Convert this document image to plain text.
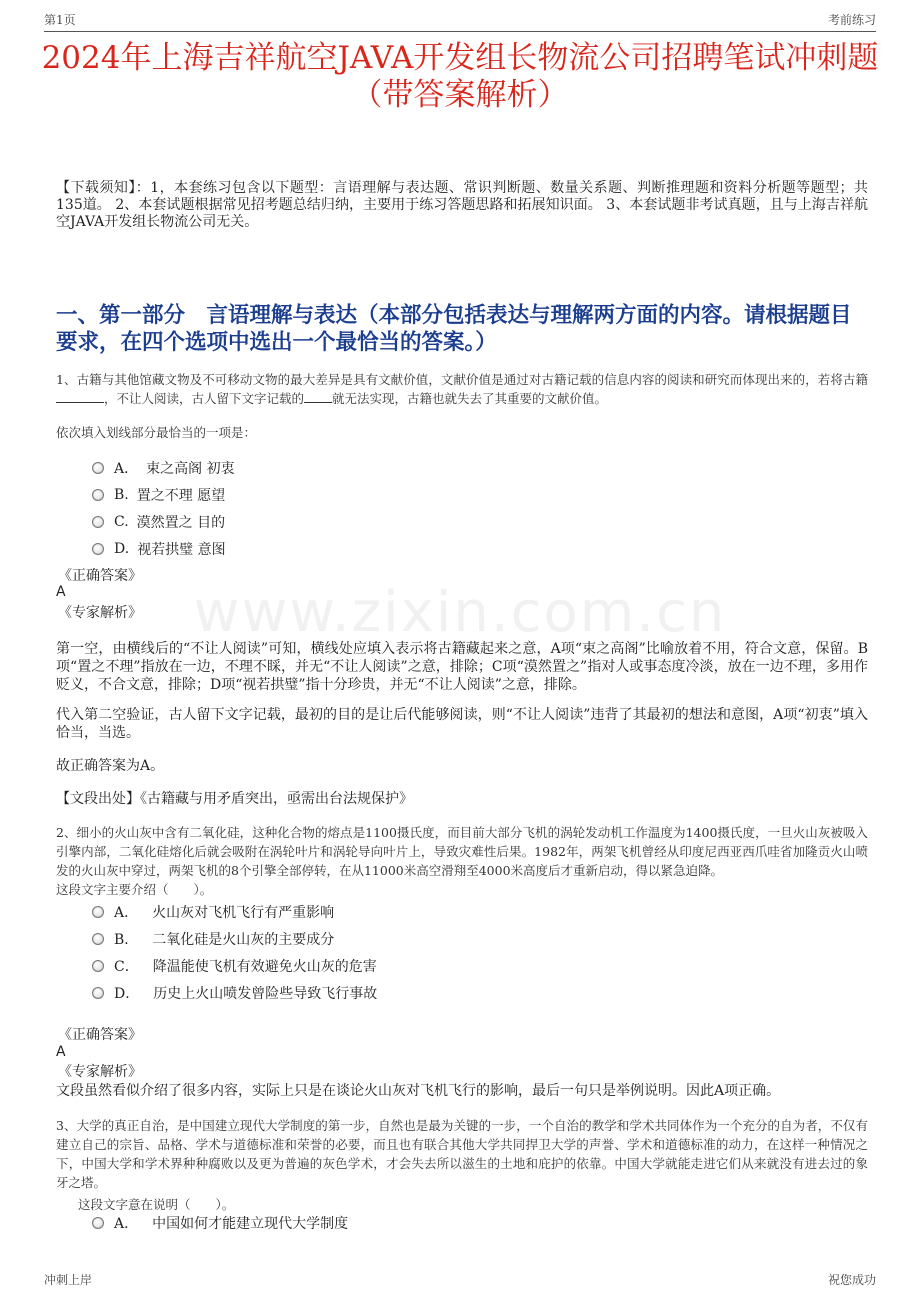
第1页	考前练习
www.zixin.com.cn
2024年上海吉祥航空JAVA开发组长物流公司招聘笔试冲刺题
（带答案解析）

【下载须知】：1，本套练习包含以下题型：言语理解与表达题、常识判断题、数量关系题、判断推理题和资料分析题等题型；共135道。 2、本套试题根据常见招考题总结归纳，主要用于练习答题思路和拓展知识面。 3、本套试题非考试真题，且与上海吉祥航空JAVA开发组长物流公司无关。

一、第一部分　言语理解与表达（本部分包括表达与理解两方面的内容。请根据题目要求，在四个选项中选出一个最恰当的答案。）

1、古籍与其他馆藏文物及不可移动文物的最大差异是具有文献价值，文献价值是通过对古籍记载的信息内容的阅读和研究而体现出来的，若将古籍，不让人阅读，古人留下文字记载的 就无法实现，古籍也就失去了其重要的文献价值。

依次填入划线部分最恰当的一项是：

A． 束之高阁 初衷
B. 置之不理 愿望
C. 漠然置之 目的
D. 视若拱璧 意图
《正确答案》
A
《专家解析》

第一空，由横线后的“不让人阅读”可知，横线处应填入表示将古籍藏起来之意，A项“束之高阁”比喻放着不用，符合文意，保留。B项“置之不理”指放在一边，不理不睬，并无“不让人阅读”之意，排除；C项“漠然置之”指对人或事态度冷淡，放在一边不理，多用作贬义，不合文意，排除；D项“视若拱璧”指十分珍贵，并无“不让人阅读”之意，排除。

代入第二空验证，古人留下文字记载，最初的目的是让后代能够阅读，则“不让人阅读”违背了其最初的想法和意图，A项“初衷”填入恰当，当选。

故正确答案为A。

【文段出处】《古籍藏与用矛盾突出，亟需出台法规保护》

2、细小的火山灰中含有二氧化硅，这种化合物的熔点是1100摄氏度，而目前大部分飞机的涡轮发动机工作温度为1400摄氏度，一旦火山灰被吸入引擎内部，二氧化硅熔化后就会吸附在涡轮叶片和涡轮导向叶片上，导致灾难性后果。1982年，两架飞机曾经从印度尼西亚西爪哇省加隆贡火山喷发的火山灰中穿过，两架飞机的8个引擎全部停转，在从11000米高空滑翔至4000米高度后才重新启动，得以紧急迫降。

这段文字主要介绍（　　）。

A． 火山灰对飞机飞行有严重影响
B． 二氧化硅是火山灰的主要成分
C． 降温能使飞机有效避免火山灰的危害
D． 历史上火山喷发曾险些导致飞行事故
《正确答案》
A
《专家解析》

文段虽然看似介绍了很多内容，实际上只是在谈论火山灰对飞机飞行的影响，最后一句只是举例说明。因此A项正确。

3、大学的真正自治，是中国建立现代大学制度的第一步，自然也是最为关键的一步，一个自治的教学和学术共同体作为一个充分的自为者，不仅有建立自己的宗旨、品格、学术与道德标准和荣誉的必要，而且也有联合其他大学共同捍卫大学的声誉、学术和道德标准的动力，在这样一种情况之下，中国大学和学术界种种腐败以及更为普遍的灰色学术，才会失去所以滋生的土地和庇护的依靠。中国大学就能走进它们从来就没有进去过的象牙之塔。

这段文字意在说明（　　）。

A． 中国如何才能建立现代大学制度
冲刺上岸	祝您成功
